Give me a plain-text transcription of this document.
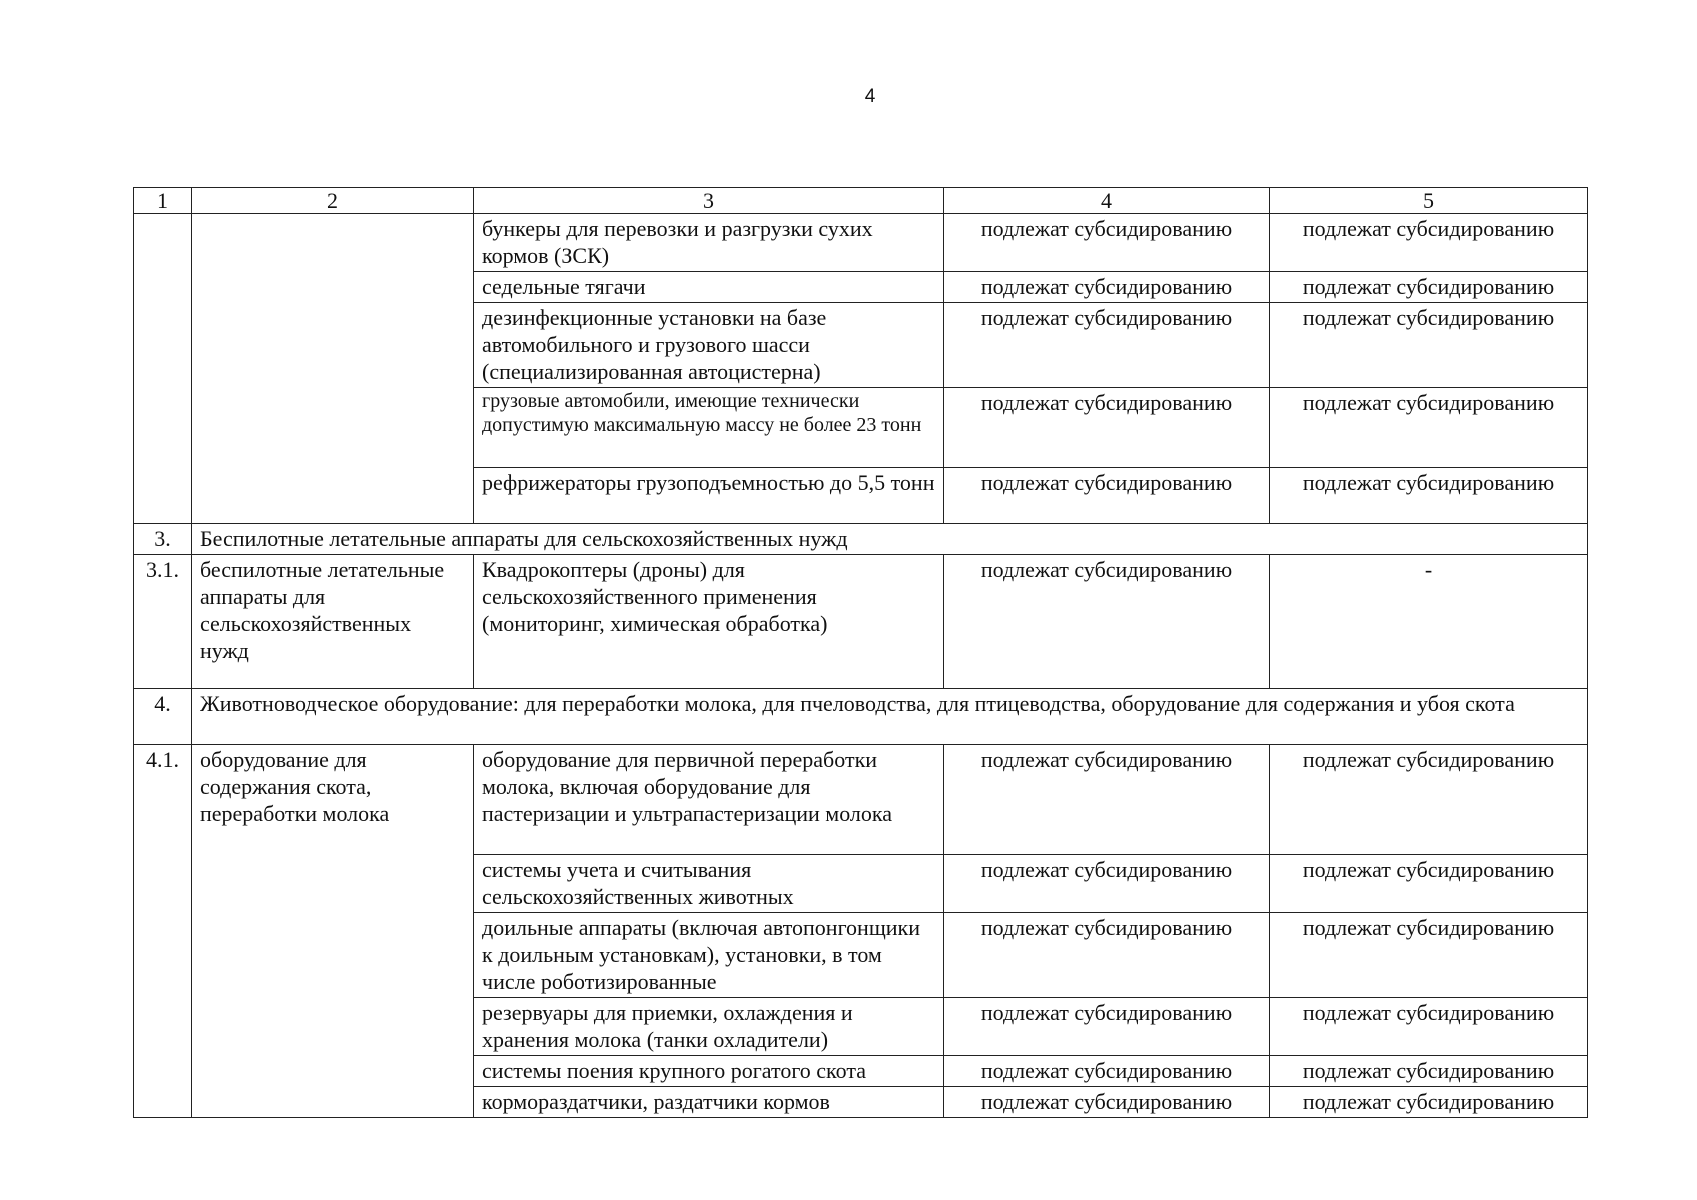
4
1	2	3	4	5
		бункеры для перевозки и разгрузки сухих кормов (ЗСК)	подлежат субсидированию	подлежат субсидированию
		седельные тягачи	подлежат субсидированию	подлежат субсидированию
		дезинфекционные установки на базе автомобильного и грузового шасси (специализированная автоцистерна)	подлежат субсидированию	подлежат субсидированию
		грузовые автомобили, имеющие технически допустимую максимальную массу не более 23 тонн	подлежат субсидированию	подлежат субсидированию
		рефрижераторы грузоподъемностью до 5,5 тонн	подлежат субсидированию	подлежат субсидированию
3.	Беспилотные летательные аппараты для сельскохозяйственных нужд			
3.1.	беспилотные летательные аппараты для сельскохозяйственных нужд	Квадрокоптеры (дроны) для сельскохозяйственного применения (мониторинг, химическая обработка)	подлежат субсидированию	-
4.	Животноводческое оборудование: для переработки молока, для пчеловодства, для птицеводства, оборудование для содержания и убоя скота			
4.1.	оборудование для содержания скота, переработки молока	оборудование для первичной переработки молока, включая оборудование для пастеризации и ультрапастеризации молока	подлежат субсидированию	подлежат субсидированию
		системы учета и считывания сельскохозяйственных животных	подлежат субсидированию	подлежат субсидированию
		доильные аппараты (включая автопонгонщики к доильным установкам), установки, в том числе роботизированные	подлежат субсидированию	подлежат субсидированию
		резервуары для приемки, охлаждения и хранения молока (танки охладители)	подлежат субсидированию	подлежат субсидированию
		системы поения крупного рогатого скота	подлежат субсидированию	подлежат субсидированию
		кормораздатчики, раздатчики кормов	подлежат субсидированию	подлежат субсидированию
